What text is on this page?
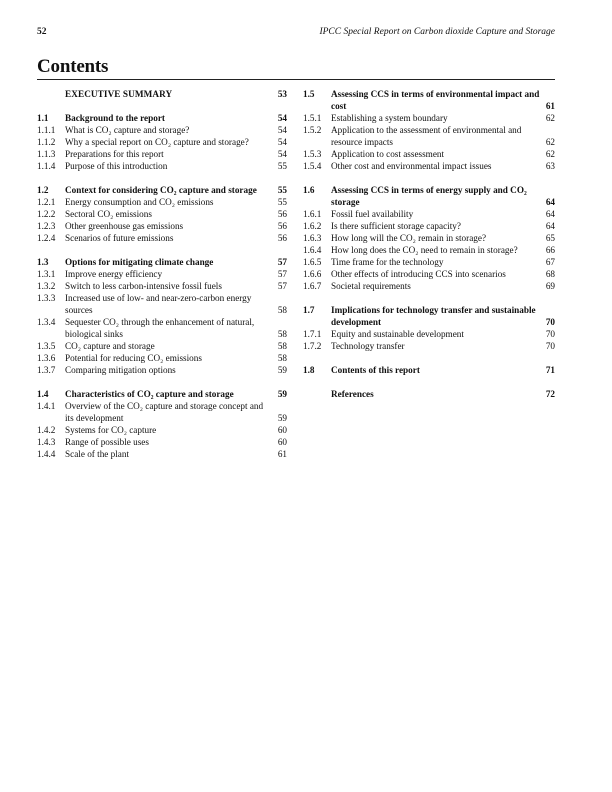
52	IPCC Special Report on Carbon dioxide Capture and Storage
Contents
EXECUTIVE SUMMARY	53
1.1	Background to the report	54
1.1.1	What is CO₂ capture and storage?	54
1.1.2	Why a special report on CO₂ capture and storage?	54
1.1.3	Preparations for this report	54
1.1.4	Purpose of this introduction	55
1.2	Context for considering CO₂ capture and storage	55
1.2.1	Energy consumption and CO₂ emissions	55
1.2.2	Sectoral CO₂ emissions	56
1.2.3	Other greenhouse gas emissions	56
1.2.4	Scenarios of future emissions	56
1.3	Options for mitigating climate change	57
1.3.1	Improve energy efficiency	57
1.3.2	Switch to less carbon-intensive fossil fuels	57
1.3.3	Increased use of low- and near-zero-carbon energy sources	58
1.3.4	Sequester CO₂ through the enhancement of natural, biological sinks	58
1.3.5	CO₂ capture and storage	58
1.3.6	Potential for reducing CO₂ emissions	58
1.3.7	Comparing mitigation options	59
1.4	Characteristics of CO₂ capture and storage	59
1.4.1	Overview of the CO₂ capture and storage concept and its development	59
1.4.2	Systems for CO₂ capture	60
1.4.3	Range of possible uses	60
1.4.4	Scale of the plant	61
1.5	Assessing CCS in terms of environmental impact and cost	61
1.5.1	Establishing a system boundary	62
1.5.2	Application to the assessment of environmental and resource impacts	62
1.5.3	Application to cost assessment	62
1.5.4	Other cost and environmental impact issues	63
1.6	Assessing CCS in terms of energy supply and CO₂ storage	64
1.6.1	Fossil fuel availability	64
1.6.2	Is there sufficient storage capacity?	64
1.6.3	How long will the CO₂ remain in storage?	65
1.6.4	How long does the CO₂ need to remain in storage?	66
1.6.5	Time frame for the technology	67
1.6.6	Other effects of introducing CCS into scenarios	68
1.6.7	Societal requirements	69
1.7	Implications for technology transfer and sustainable development	70
1.7.1	Equity and sustainable development	70
1.7.2	Technology transfer	70
1.8	Contents of this report	71
References	72
